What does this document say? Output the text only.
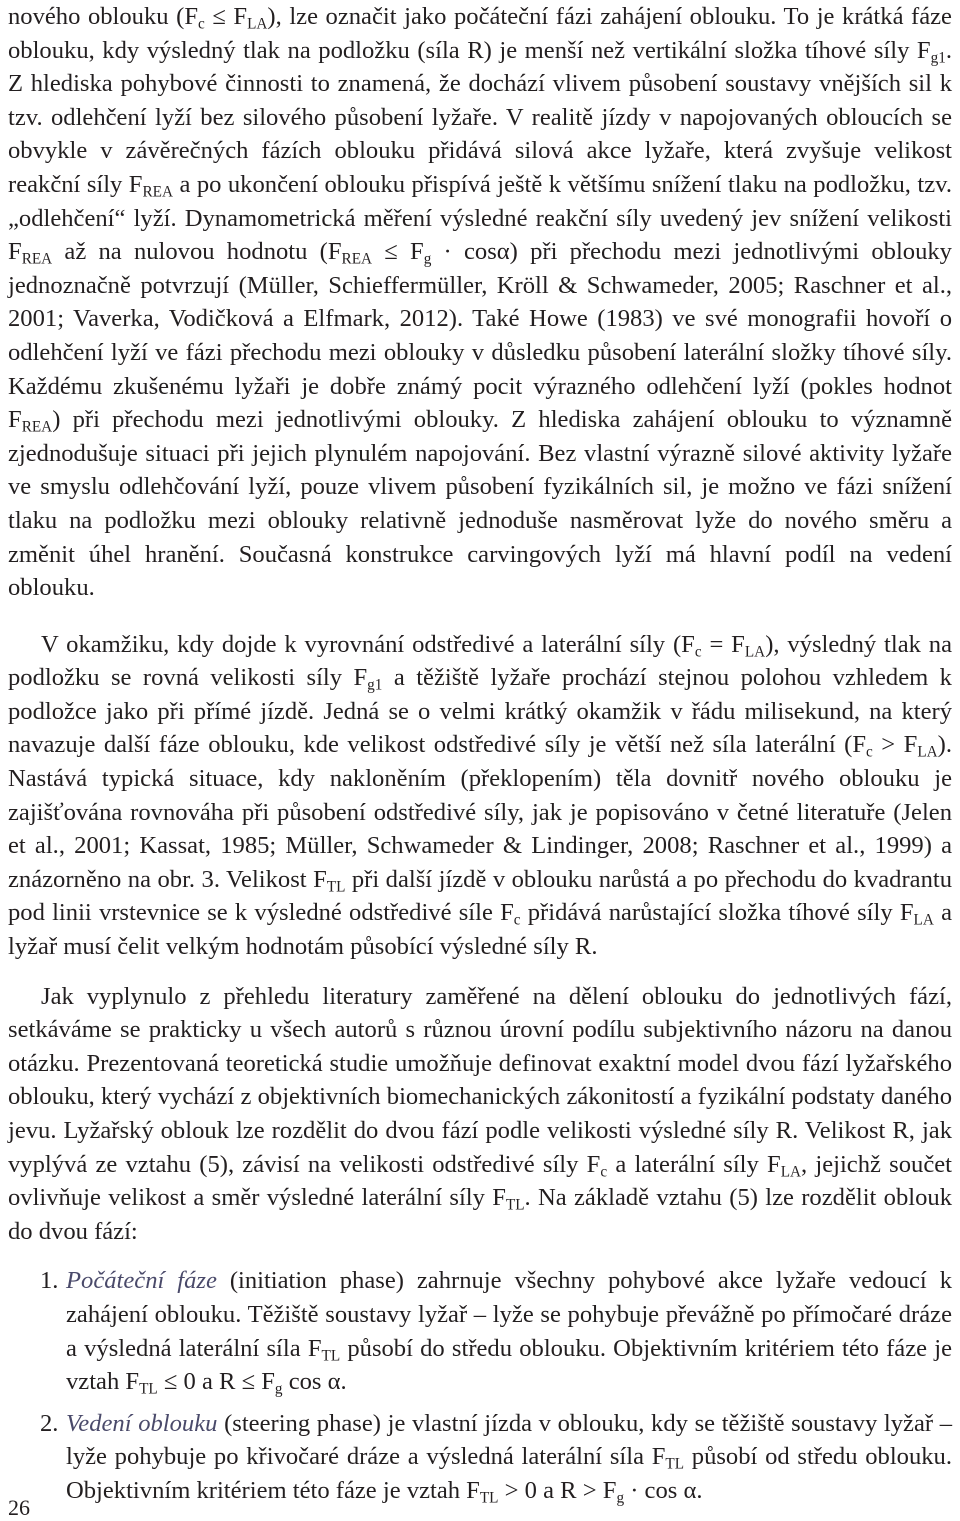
nového oblouku $(F_c \le F_{LA})$, lze označit jako počáteční fázi zahájení oblouku. To je krátká fáze oblouku, kdy výsledný tlak na podložku (síla R) je menší než vertikální složka tíhové síly $F_{g1}$. Z hlediska pohybové činnosti to znamená, že dochází vlivem působení soustavy vnějších sil k tzv. odlehčení lyží bez silového působení lyžaře. V realitě jízdy v napojovaných obloucích se obvykle v závěrečných fázích oblouku přidává silová akce lyžaře, která zvyšuje velikost reakční síly $F_{REA}$ a po ukončení oblouku přispívá ještě k většímu snížení tlaku na podložku, tzv. „odlehčení“ lyží. Dynamometrická měření výsledné reakční síly uvedený jev snížení velikosti $F_{REA}$ až na nulovou hodnotu $(F_{REA} \le F_g \cdot \cos\alpha)$ při přechodu mezi jednotlivými oblouky jednoznačně potvrzují (Müller, Schieffermüller, Kröll & Schwameder, 2005; Raschner et al., 2001; Vaverka, Vodičková a Elfmark, 2012). Také Howe (1983) ve své monografii hovoří o odlehčení lyží ve fázi přechodu mezi oblouky v důsledku působení laterální složky tíhové síly. Každému zkušenému lyžaři je dobře známý pocit výrazného odlehčení lyží (pokles hodnot $F_{REA}$) při přechodu mezi jednotlivými oblouky. Z hlediska zahájení oblouku to významně zjednodušuje situaci při jejich plynulém napojování. Bez vlastní výrazně silové aktivity lyžaře ve smyslu odlehčování lyží, pouze vlivem působení fyzikálních sil, je možno ve fázi snížení tlaku na podložku mezi oblouky relativně jednoduše nasměrovat lyže do nového směru a změnit úhel hranění. Současná konstrukce carvingových lyží má hlavní podíl na vedení oblouku.

V okamžiku, kdy dojde k vyrovnání odstředivé a laterální síly $(F_c = F_{LA})$, výsledný tlak na podložku se rovná velikosti síly $F_{g1}$ a těžiště lyžaře prochází stejnou polohou vzhledem k podložce jako při přímé jízdě. Jedná se o velmi krátký okamžik v řádu milisekund, na který navazuje další fáze oblouku, kde velikost odstředivé síly je větší než síla laterální $(F_c > F_{LA})$. Nastává typická situace, kdy nakloněním (překlopením) těla dovnitř nového oblouku je zajišťována rovnováha při působení odstředivé síly, jak je popisováno v četné literatuře (Jelen et al., 2001; Kassat, 1985; Müller, Schwameder & Lindinger, 2008; Raschner et al., 1999) a znázorněno na obr. 3. Velikost $F_{TL}$ při další jízdě v oblouku narůstá a po přechodu do kvadrantu pod linii vrstevnice se k výsledné odstředivé síle $F_c$ přidává narůstající složka tíhové síly $F_{LA}$ a lyžař musí čelit velkým hodnotám působící výsledné síly R.

Jak vyplynulo z přehledu literatury zaměřené na dělení oblouku do jednotlivých fází, setkáváme se prakticky u všech autorů s různou úrovní podílu subjektivního názoru na danou otázku. Prezentovaná teoretická studie umožňuje definovat exaktní model dvou fází lyžařského oblouku, který vychází z objektivních biomechanických zákonitostí a fyzikální podstaty daného jevu. Lyžařský oblouk lze rozdělit do dvou fází podle velikosti výsledné síly R. Velikost R, jak vyplývá ze vztahu (5), závisí na velikosti odstředivé síly $F_c$ a laterální síly $F_{LA}$, jejichž součet ovlivňuje velikost a směr výsledné laterální síly $F_{TL}$. Na základě vztahu (5) lze rozdělit oblouk do dvou fází:

1. Počáteční fáze (initiation phase) zahrnuje všechny pohybové akce lyžaře vedoucí k zahájení oblouku. Těžiště soustavy lyžař – lyže se pohybuje převážně po přímočaré dráze a výsledná laterální síla $F_{TL}$ působí do středu oblouku. Objektivním kritériem této fáze je vztah $F_{TL} \le 0$ a $R \le F_g$ cos α.
2. Vedení oblouku (steering phase) je vlastní jízda v oblouku, kdy se těžiště soustavy lyžař – lyže pohybuje po křivočaré dráze a výsledná laterální síla $F_{TL}$ působí od středu oblouku. Objektivním kritériem této fáze je vztah $F_{TL} > 0$ a $R > F_g \cdot \cos \alpha$.
26
